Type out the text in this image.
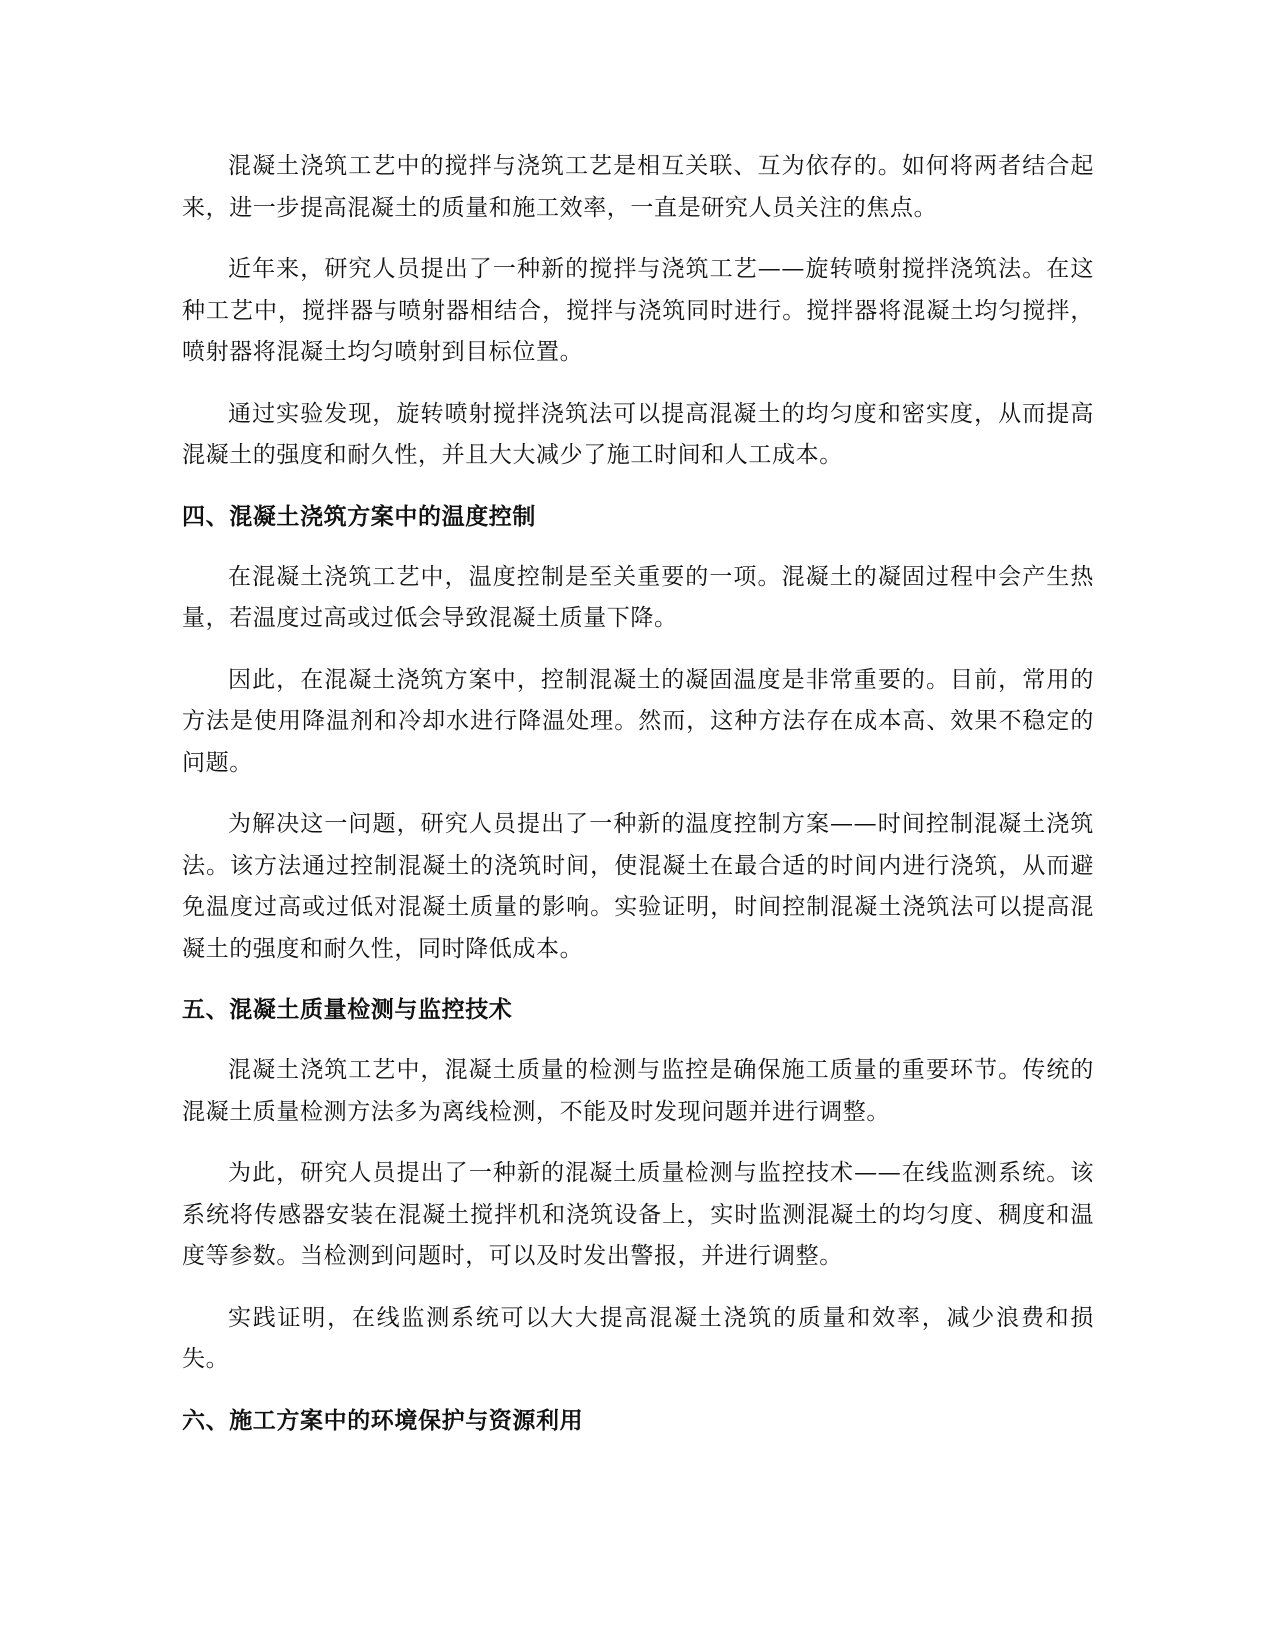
混凝土浇筑工艺中的搅拌与浇筑工艺是相互关联、互为依存的。如何将两者结合起来，进一步提高混凝土的质量和施工效率，一直是研究人员关注的焦点。

近年来，研究人员提出了一种新的搅拌与浇筑工艺——旋转喷射搅拌浇筑法。在这种工艺中，搅拌器与喷射器相结合，搅拌与浇筑同时进行。搅拌器将混凝土均匀搅拌，喷射器将混凝土均匀喷射到目标位置。

通过实验发现，旋转喷射搅拌浇筑法可以提高混凝土的均匀度和密实度，从而提高混凝土的强度和耐久性，并且大大减少了施工时间和人工成本。

四、混凝土浇筑方案中的温度控制

在混凝土浇筑工艺中，温度控制是至关重要的一项。混凝土的凝固过程中会产生热量，若温度过高或过低会导致混凝土质量下降。

因此，在混凝土浇筑方案中，控制混凝土的凝固温度是非常重要的。目前，常用的方法是使用降温剂和冷却水进行降温处理。然而，这种方法存在成本高、效果不稳定的问题。

为解决这一问题，研究人员提出了一种新的温度控制方案——时间控制混凝土浇筑法。该方法通过控制混凝土的浇筑时间，使混凝土在最合适的时间内进行浇筑，从而避免温度过高或过低对混凝土质量的影响。实验证明，时间控制混凝土浇筑法可以提高混凝土的强度和耐久性，同时降低成本。

五、混凝土质量检测与监控技术

混凝土浇筑工艺中，混凝土质量的检测与监控是确保施工质量的重要环节。传统的混凝土质量检测方法多为离线检测，不能及时发现问题并进行调整。

为此，研究人员提出了一种新的混凝土质量检测与监控技术——在线监测系统。该系统将传感器安装在混凝土搅拌机和浇筑设备上，实时监测混凝土的均匀度、稠度和温度等参数。当检测到问题时，可以及时发出警报，并进行调整。

实践证明，在线监测系统可以大大提高混凝土浇筑的质量和效率，减少浪费和损失。

六、施工方案中的环境保护与资源利用
